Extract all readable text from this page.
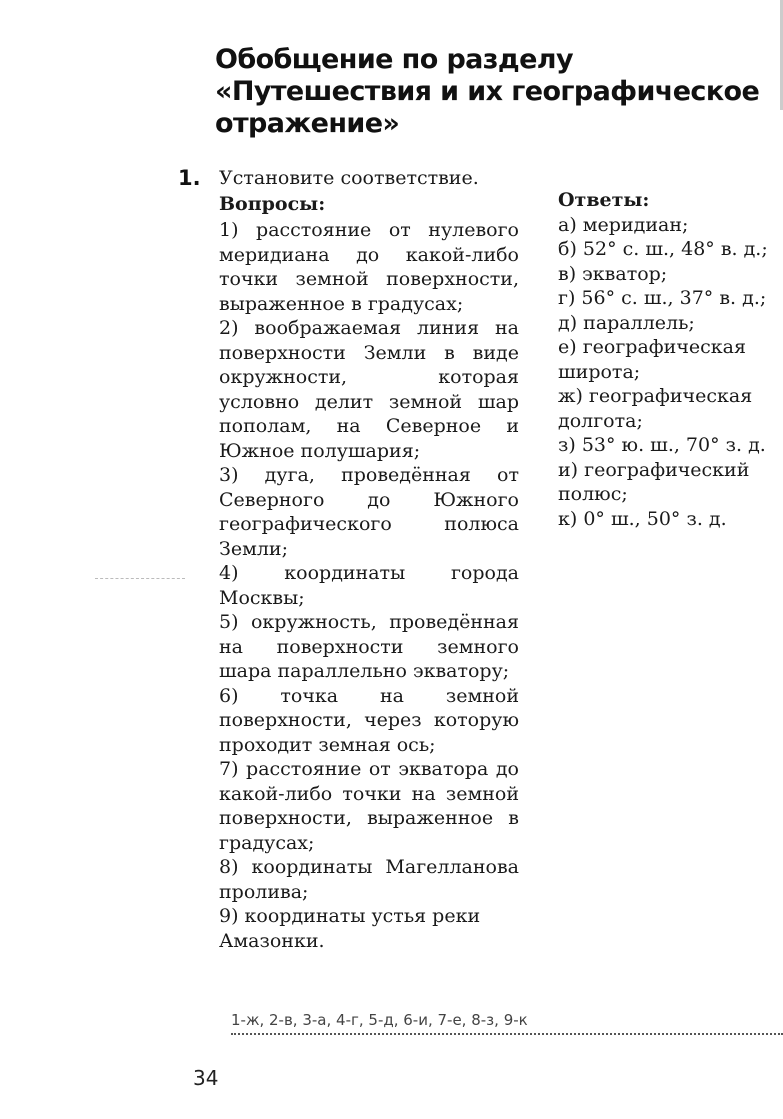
Обобщение по разделу
«Путешествия и их географическое
отражение»
1. Установите соответствие.
Вопросы:

1) расстояние от нулевого меридиана до какой-либо точки земной поверхности, выраженное в градусах;

2) воображаемая линия на поверхности Земли в виде окружности, которая условно делит земной шар пополам, на Северное и Южное полушария;

3) дуга, проведённая от Северного до Южного географического полюса Земли;

4) координаты города Москвы;

5) окружность, проведённая на поверхности земного шара параллельно экватору;

6) точка на земной поверхности, через которую проходит земная ось;

7) расстояние от экватора до какой-либо точки на земной поверхности, выраженное в градусах;

8) координаты Магелланова пролива;

9) координаты устья реки Амазонки.

Ответы:

а) меридиан;

б) 52° с. ш., 48° в. д.;

в) экватор;

г) 56° с. ш., 37° в. д.;

д) параллель;

е) географическая
широта;

ж) географическая
долгота;

з) 53° ю. ш., 70° з. д.

и) географический
полюс;

к) 0° ш., 50° з. д.

1-ж, 2-в, 3-а, 4-г, 5-д, 6-и, 7-е, 8-з, 9-к
34
